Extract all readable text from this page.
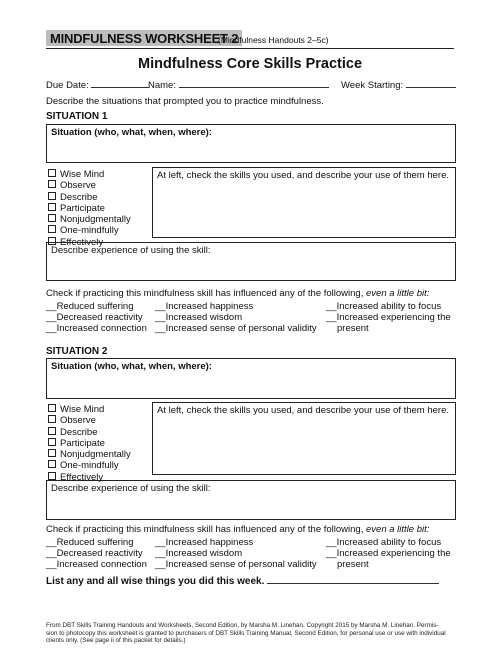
MINDFULNESS WORKSHEET 2
(Mindfulness Handouts 2–5c)
Mindfulness Core Skills Practice
Due Date:	Name:	Week Starting:
Describe the situations that prompted you to practice mindfulness.
SITUATION 1
Situation (who, what, when, where):
Wise Mind
Observe
Describe
Participate
Nonjudgmentally
One-mindfully
Effectively
At left, check the skills you used, and describe your use of them here.
Describe experience of using the skill:
Check if practicing this mindfulness skill has influenced any of the following, even a little bit:
__Reduced suffering
__Decreased reactivity
__Increased connection
__Increased happiness
__Increased wisdom
__Increased sense of personal validity
__Increased ability to focus
__Increased experiencing the
present
SITUATION 2
Situation (who, what, when, where):
Wise Mind
Observe
Describe
Participate
Nonjudgmentally
One-mindfully
Effectively
At left, check the skills you used, and describe your use of them here.
Describe experience of using the skill:
Check if practicing this mindfulness skill has influenced any of the following, even a little bit:
__Reduced suffering
__Decreased reactivity
__Increased connection
__Increased happiness
__Increased wisdom
__Increased sense of personal validity
__Increased ability to focus
__Increased experiencing the
present
List any and all wise things you did this week.
From DBT Skills Training Handouts and Worksheets, Second Edition, by Marsha M. Linehan. Copyright 2015 by Marsha M. Linehan. Permis-
sion to photocopy this worksheet is granted to purchasers of DBT Skills Training Manual, Second Edition, for personal use or use with individual
clients only. (See page ii of this packet for details.)
